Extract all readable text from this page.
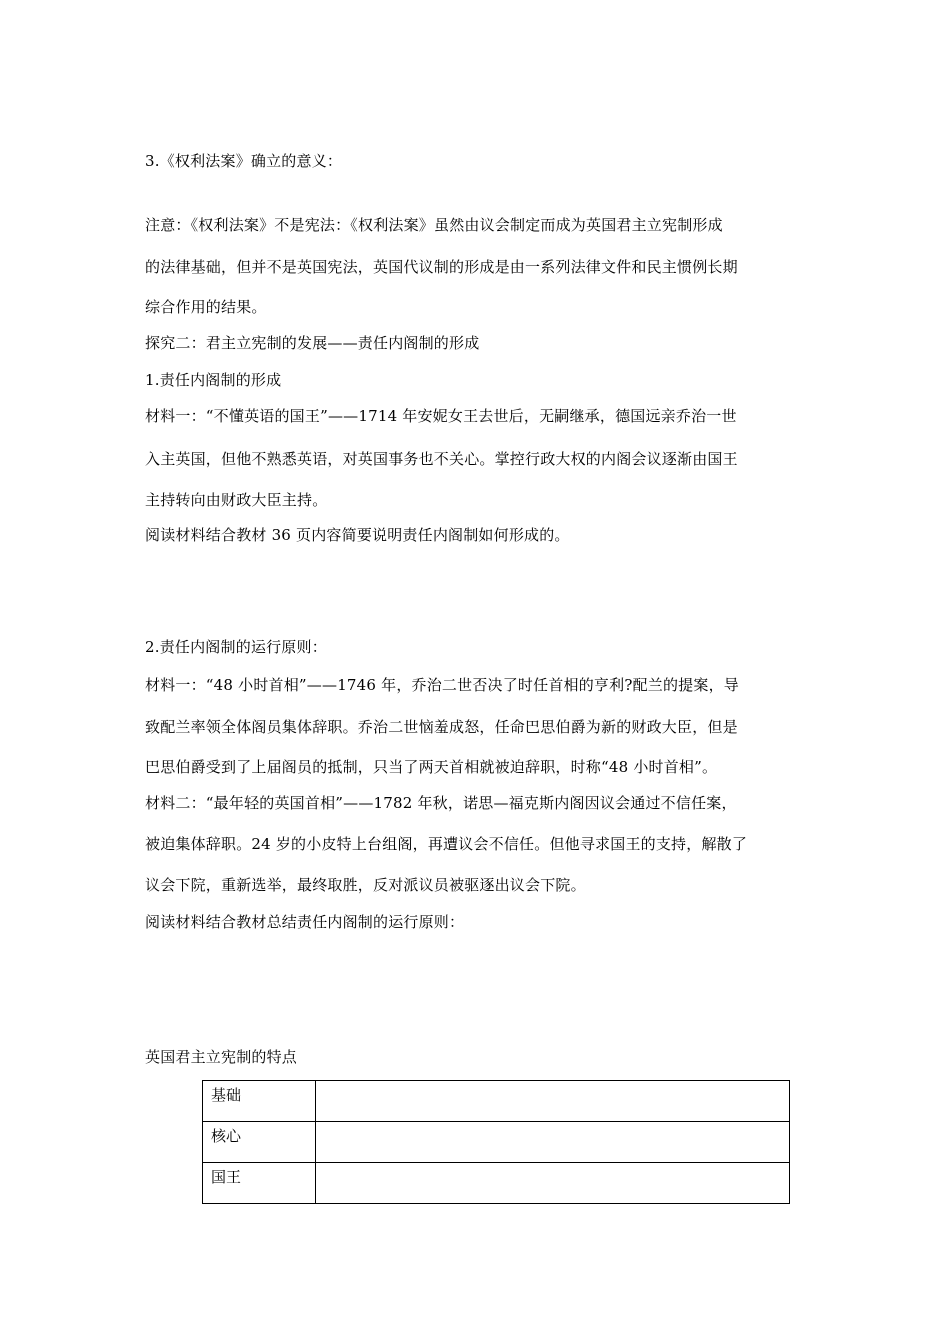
3.《权利法案》确立的意义：
注意：《权利法案》不是宪法：《权利法案》虽然由议会制定而成为英国君主立宪制形成
的法律基础，但并不是英国宪法，英国代议制的形成是由一系列法律文件和民主惯例长期
综合作用的结果。
探究二：君主立宪制的发展——责任内阁制的形成
1.责任内阁制的形成
材料一：“不懂英语的国王”——1714 年安妮女王去世后，无嗣继承，德国远亲乔治一世
入主英国，但他不熟悉英语，对英国事务也不关心。掌控行政大权的内阁会议逐渐由国王
主持转向由财政大臣主持。
阅读材料结合教材 36 页内容简要说明责任内阁制如何形成的。
2.责任内阁制的运行原则：
材料一：“48 小时首相”——1746 年，乔治二世否决了时任首相的亨利?配兰的提案，导
致配兰率领全体阁员集体辞职。乔治二世恼羞成怒，任命巴思伯爵为新的财政大臣，但是
巴思伯爵受到了上届阁员的抵制，只当了两天首相就被迫辞职，时称“48 小时首相”。
材料二：“最年轻的英国首相”——1782 年秋，诺思—福克斯内阁因议会通过不信任案，
被迫集体辞职。24 岁的小皮特上台组阁，再遭议会不信任。但他寻求国王的支持，解散了
议会下院，重新选举，最终取胜，反对派议员被驱逐出议会下院。
阅读材料结合教材总结责任内阁制的运行原则：
英国君主立宪制的特点
基础	
核心	
国王	
